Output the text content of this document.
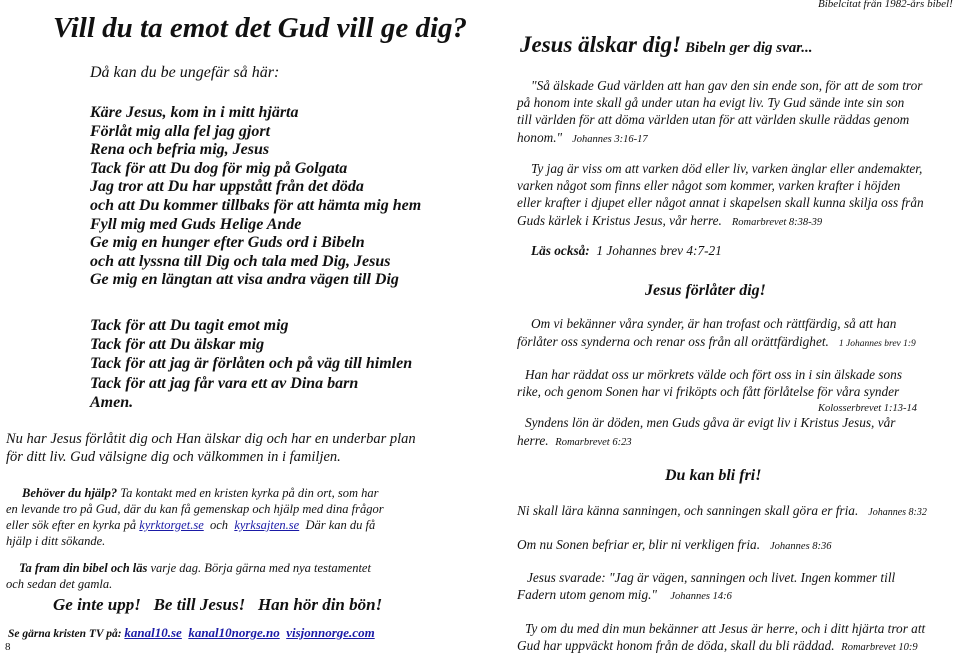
Vill du ta emot det Gud vill ge dig?
Då kan du be ungefär så här:
Käre Jesus, kom in i mitt hjärta
Förlåt mig alla fel jag gjort
Rena och befria mig, Jesus
Tack för att Du dog för mig på Golgata
Jag tror att Du har uppstått från det döda
och att Du kommer tillbaks för att hämta mig hem
Fyll mig med Guds Helige Ande
Ge mig en hunger efter Guds ord i Bibeln
och att lyssna till Dig och tala med Dig, Jesus
Ge mig en längtan att visa andra vägen till Dig
Tack för att Du tagit emot mig
Tack för att Du älskar mig
Tack för att jag är förlåten och på väg till himlen
Tack för att jag får vara ett av Dina barn
Amen.
Nu har Jesus förlåtit dig och Han älskar dig och har en underbar plan
för ditt liv. Gud välsigne dig och välkommen in i familjen.
Behöver du hjälp? Ta kontakt med en kristen kyrka på din ort, som har
en levande tro på Gud, där du kan få gemenskap och hjälp med dina frågor
eller sök efter en kyrka på kyrktorget.se  och  kyrksajten.se  Där kan du få
hjälp i ditt sökande.
Ta fram din bibel och läs varje dag. Börja gärna med nya testamentet
och sedan det gamla.
Ge inte upp!   Be till Jesus!   Han hör din bön!
Se gärna kristen TV på: kanal10.se kanal10norge.no visjonnorge.com
8
Bibelcitat från 1982-års bibel!
Jesus älskar dig! Bibeln ger dig svar...
"Så älskade Gud världen att han gav den sin ende son, för att de som tror
på honom inte skall gå under utan ha evigt liv. Ty Gud sände inte sin son
till världen för att döma världen utan för att världen skulle räddas genom
honom." Johannes 3:16-17
Ty jag är viss om att varken död eller liv, varken änglar eller andemakter,
varken något som finns eller något som kommer, varken krafter i höjden
eller krafter i djupet eller något annat i skapelsen skall kunna skilja oss från
Guds kärlek i Kristus Jesus, vår herre. Romarbrevet 8:38-39
Läs också: 1 Johannes brev 4:7-21
Jesus förlåter dig!
Om vi bekänner våra synder, är han trofast och rättfärdig, så att han
förlåter oss synderna och renar oss från all orättfärdighet. 1 Johannes brev 1:9
Han har räddat oss ur mörkrets välde och fört oss in i sin älskade sons
rike, och genom Sonen har vi friköpts och fått förlåtelse för våra synder
Kolosserbrevet 1:13-14
Syndens lön är döden, men Guds gåva är evigt liv i Kristus Jesus, vår
herre. Romarbrevet 6:23
Du kan bli fri!
Ni skall lära känna sanningen, och sanningen skall göra er fria. Johannes 8:32
Om nu Sonen befriar er, blir ni verkligen fria. Johannes 8:36
Jesus svarade: "Jag är vägen, sanningen och livet. Ingen kommer till
Fadern utom genom mig." Johannes 14:6
Ty om du med din mun bekänner att Jesus är herre, och i ditt hjärta tror att
Gud har uppväckt honom från de döda, skall du bli räddad. Romarbrevet 10:9
